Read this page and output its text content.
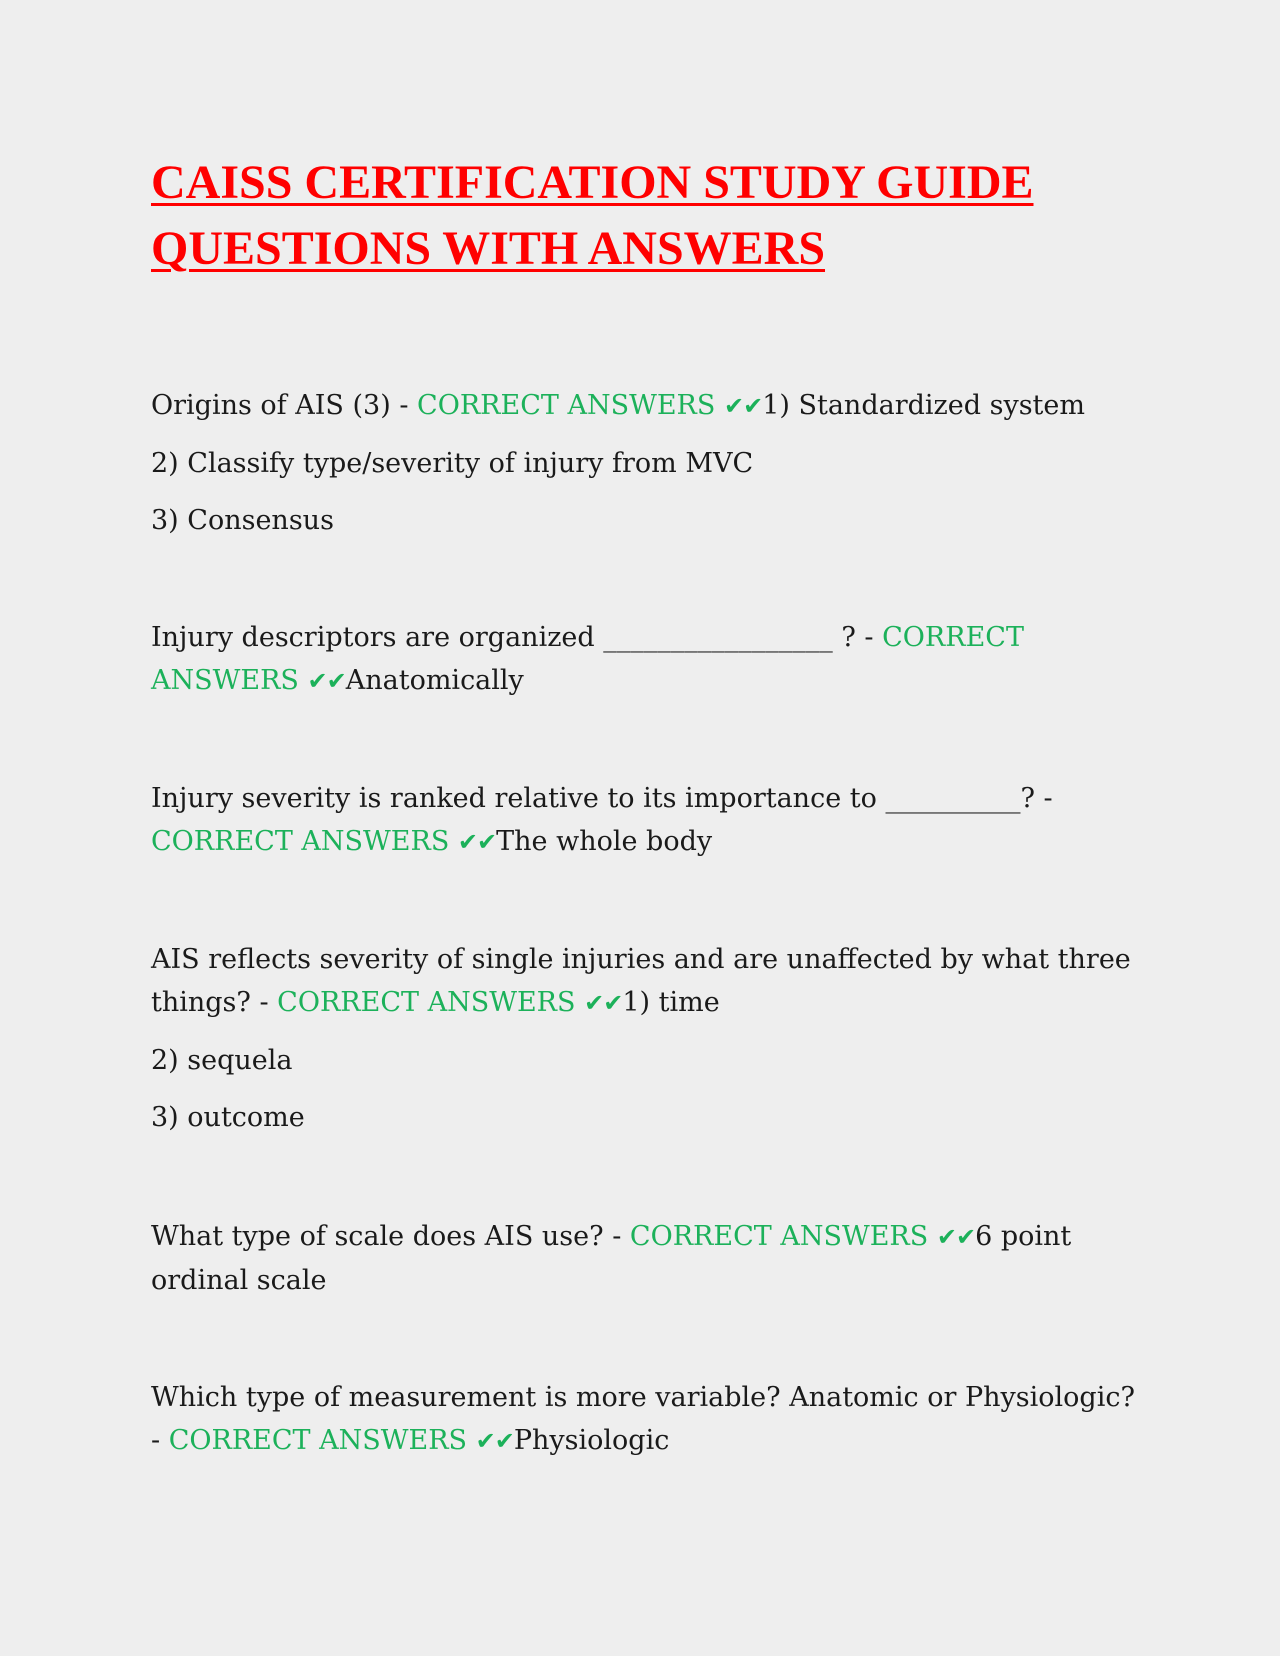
CAISS CERTIFICATION STUDY GUIDE
QUESTIONS WITH ANSWERS

Origins of AIS (3) - CORRECT ANSWERS ✔✔1) Standardized system

2) Classify type/severity of injury from MVC

3) Consensus

Injury descriptors are organized _________________ ? - CORRECT ANSWERS ✔✔Anatomically

Injury severity is ranked relative to its importance to __________? - CORRECT ANSWERS ✔✔The whole body

AIS reflects severity of single injuries and are unaffected by what three things? - CORRECT ANSWERS ✔✔1) time

2) sequela

3) outcome

What type of scale does AIS use? - CORRECT ANSWERS ✔✔6 point ordinal scale

Which type of measurement is more variable? Anatomic or Physiologic? - CORRECT ANSWERS ✔✔Physiologic
